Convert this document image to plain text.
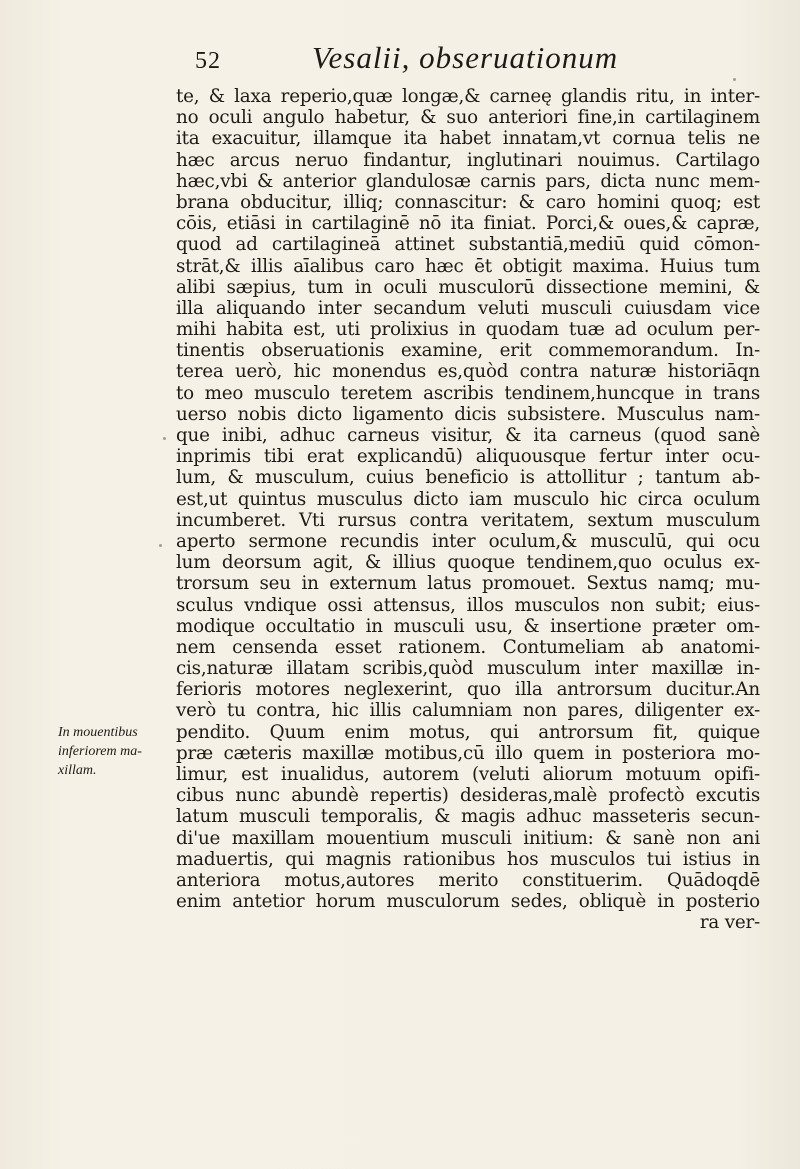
52	Vesalii, obseruationum
In mouentibus
inferiorem ma-
xillam.
te, & laxa reperio,quæ longæ,& carneę glandis ritu, in inter-
no oculi angulo habetur, & suo anteriori fine,in cartilaginem
ita exacuitur, illamque ita habet innatam,vt cornua telis ne
hæc arcus neruo findantur, inglutinari nouimus. Cartilago
hæc,vbi & anterior glandulosæ carnis pars, dicta nunc mem-
brana obducitur, illiq; connascitur: & caro homini quoq; est
cōis, etiāsi in cartilaginē nō ita finiat. Porci,& oues,& capræ,
quod ad cartilagineā attinet substantiā,mediū quid cōmon-
strāt,& illis aīalibus caro hæc ēt obtigit maxima. Huius tum
alibi sæpius, tum in oculi musculorū dissectione memini, &
illa aliquando inter secandum veluti musculi cuiusdam vice
mihi habita est, uti prolixius in quodam tuæ ad oculum per-
tinentis obseruationis examine, erit commemorandum. In-
terea uerò, hic monendus es,quòd contra naturæ historiāqn
to meo musculo teretem ascribis tendinem,huncque in trans
uerso nobis dicto ligamento dicis subsistere. Musculus nam-
que inibi, adhuc carneus visitur, & ita carneus (quod sanè
inprimis tibi erat explicandū) aliquousque fertur inter ocu-
lum, & musculum, cuius beneficio is attollitur ; tantum ab-
est,ut quintus musculus dicto iam musculo hic circa oculum
incumberet. Vti rursus contra veritatem, sextum musculum
aperto sermone recundis inter oculum,& musculū, qui ocu
lum deorsum agit, & illius quoque tendinem,quo oculus ex-
trorsum seu in externum latus promouet. Sextus namq; mu-
sculus vndique ossi attensus, illos musculos non subit; eius-
modique occultatio in musculi usu, & insertione præter om-
nem censenda esset rationem. Contumeliam ab anatomi-
cis,naturæ illatam scribis,quòd musculum inter maxillæ in-
ferioris motores neglexerint, quo illa antrorsum ducitur.An
verò tu contra, hic illis calumniam non pares, diligenter ex-
pendito. Quum enim motus, qui antrorsum fit, quique
præ cæteris maxillæ motibus,cū illo quem in posteriora mo-
limur, est inualidus, autorem (veluti aliorum motuum opifi-
cibus nunc abundè repertis) desideras,malè profectò excutis
latum musculi temporalis, & magis adhuc masseteris secun-
di'ue maxillam mouentium musculi initium: & sanè non ani
maduertis, qui magnis rationibus hos musculos tui istius in
anteriora motus,autores merito constituerim. Quādoqdē
enim antetior horum musculorum sedes, obliquè in posterio
ra ver-
